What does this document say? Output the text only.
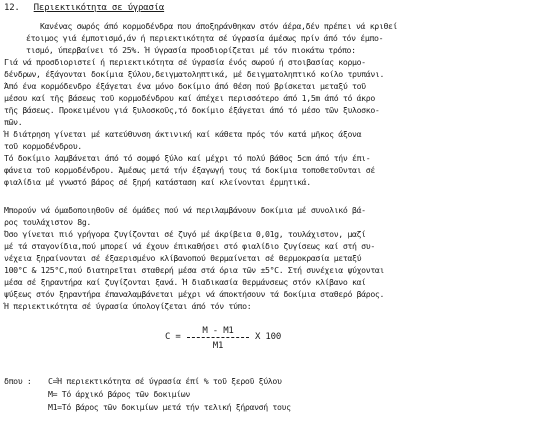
12. Περιεκτικότητα σε ύγρασία
Κανένας σωρός άπό κορμοδένδρα που άποξηράνθηκαν στόν άέρα,δέν πρέπει νά κριθεί
έτοιμος γιά έμποτισμό,άν ή περιεκτικότητα σέ ύγρασία άμέσως πρίν άπό τόν έμπο-
τισμό, ύπερβαίνει τό 25%. Ή ύγρασία προσδιορίζεται μέ τόν πιοκάτω τρόπο:
Γιά νά προσδιοριστεί ή περιεκτικότητα σέ ύγρασία ένός σωρού ή στοιβασίας κορμο-
δένδρων, έξάγονται δοκίμια ξύλου,δειγματοληπτικά, μέ δειγματοληπτικό κοίλο τρυπάνι.
Άπό ένα κορμόδενδρο έξάγεται ένα μόνο δοκίμιο άπό θέση πού βρίσκεται μεταξύ τοῦ
μέσου καί τῆς βάσεως τοῦ κορμοδένδρου καί άπέχει περισσότερο άπό 1,5m άπό τό άκρο
τῆς βάσεως. Προκειμένου γιά ξυλοσκοῦς,τό δοκίμιο έξάγεται άπό τό μέσο τῶν ξυλοσκο-
πῶν.
Ή διάτρηση γίνεται μέ κατεύθυνση άκτινική καί κάθετα πρός τόν κατά μῆκος άξονα
τοῦ κορμοδένδρου.
Τό δοκίμιο λαμβάνεται άπό τό σομφό ξύλο καί μέχρι τό πολύ βάθος 5cm άπό τήν έπι-
φάνεια τοῦ κορμοδένδρου. Άμέσως μετά τήν έξαγωγή τους τά δοκίμια τοποθετοῦνται σέ
φιαλίδια μέ γνωστό βάρος σέ ξηρή κατάσταση καί κλείνονται έρμητικά.
Μπορούν νά όμαδοποιηθοῦν σέ όμάδες πού νά περιλαμβάνουν δοκίμια μέ συνολικό βά-
ρος τουλάχιστον 8g.
Όσο γίνεται πιό γρήγορα ζυγίζονται σέ ζυγό μέ άκρίβεια 0,01g, τουλάχιστον, μαζί
μέ τά σταγονίδια,πού μπορεί νά έχουν έπικαθήσει στό φιαλίδιο ζυγίσεως καί στή συ-
νέχεια ξηραίνονται σέ έξαερισμένο κλίβανοπού θερμαίνεται σέ θερμοκρασία μεταξύ
100°C & 125°C,πού διατηρεῖται σταθερή μέσα στά όρια τῶν ±5°C. Στή συνέχεια ψύχονται
μέσα σέ ξηραντήρα καί ζυγίζονται ξανά. Ή διαδικασία θερμάνσεως στόν κλίβανο καί
ψύξεως στόν ξηραντήρα έπαναλαμβάνεται μέχρι νά άποκτήσουν τά δοκίμια σταθερό βάρος.
Ή περιεκτικότητα σέ ύγρασία ύπολογίζεται άπό τόν τύπο:
C =
M - M1
M1
X 100
δπου : C=Ή περιεκτικότητα σέ ύγρασία έπί % τοῦ ξεροῦ ξύλου
M= Τό άρχικό βάρος τῶν δοκιμίων
M1=Τό βάρος τῶν δοκιμίων μετά τήν τελική ξήρανσή τους
